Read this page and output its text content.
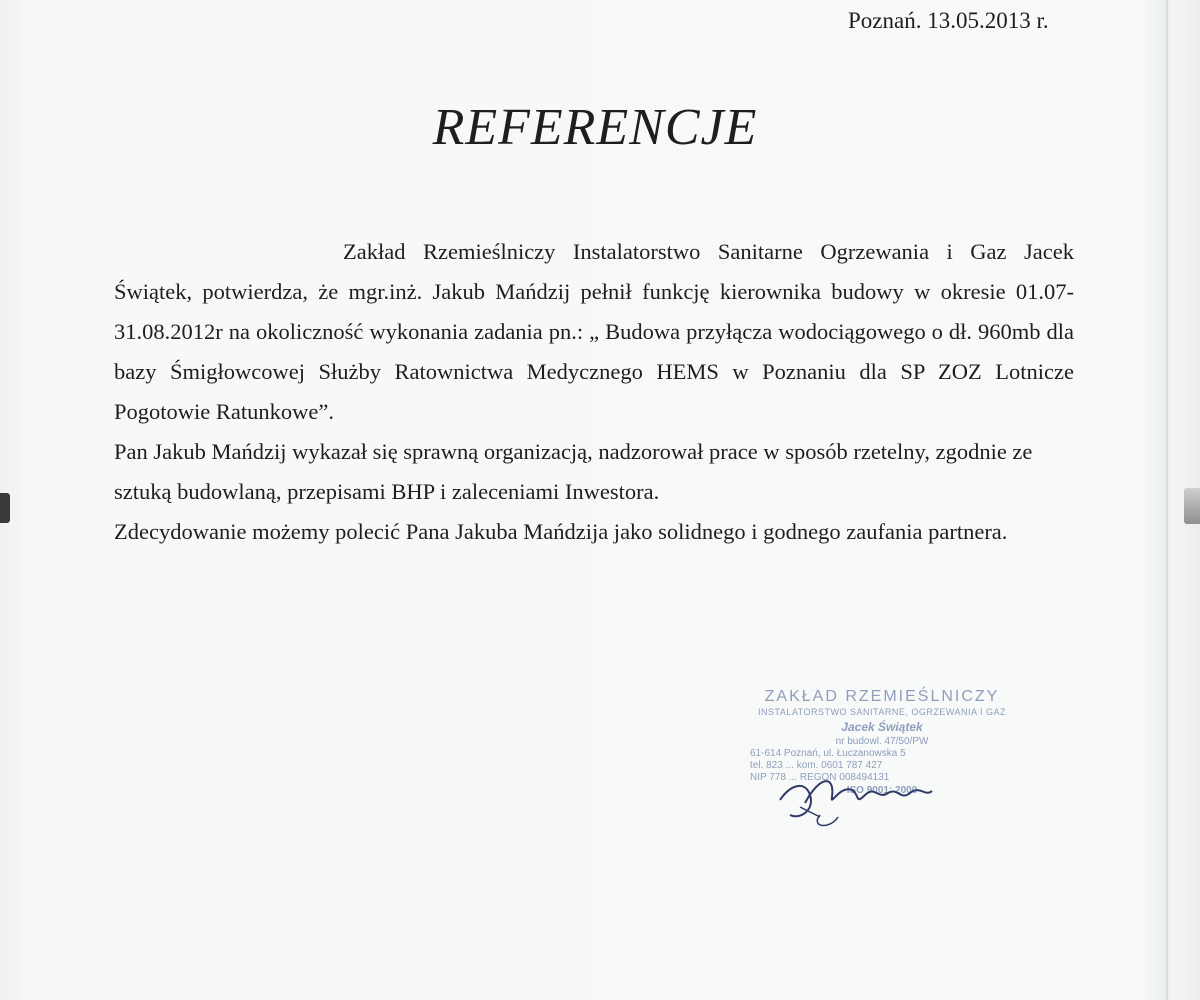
Poznań. 13.05.2013 r.
REFERENCJE

Zakład Rzemieślniczy Instalatorstwo Sanitarne Ogrzewania i Gaz Jacek Świątek, potwierdza, że mgr.inż. Jakub Mańdzij pełnił funkcję kierownika budowy w okresie 01.07-31.08.2012r na okoliczność wykonania zadania pn.: „ Budowa przyłącza wodociągowego o dł. 960mb dla bazy Śmigłowcowej Służby Ratownictwa Medycznego HEMS w Poznaniu dla SP ZOZ Lotnicze Pogotowie Ratunkowe”.

Pan Jakub Mańdzij wykazał się sprawną organizacją, nadzorował prace w sposób rzetelny, zgodnie ze sztuką budowlaną, przepisami BHP i zaleceniami Inwestora.

Zdecydowanie możemy polecić Pana Jakuba Mańdzija jako solidnego i godnego zaufania partnera.

ZAKŁAD RZEMIEŚLNICZY
INSTALATORSTWO SANITARNE, OGRZEWANIA I GAZ
Jacek Świątek
nr budowl. 47/50/PW
61-614 Poznań, ul. Łuczanowska 5
tel. 823 ... kom. 0601 787 427
NIP 778 ... REGON 008494131
ISO 9001: 2000
